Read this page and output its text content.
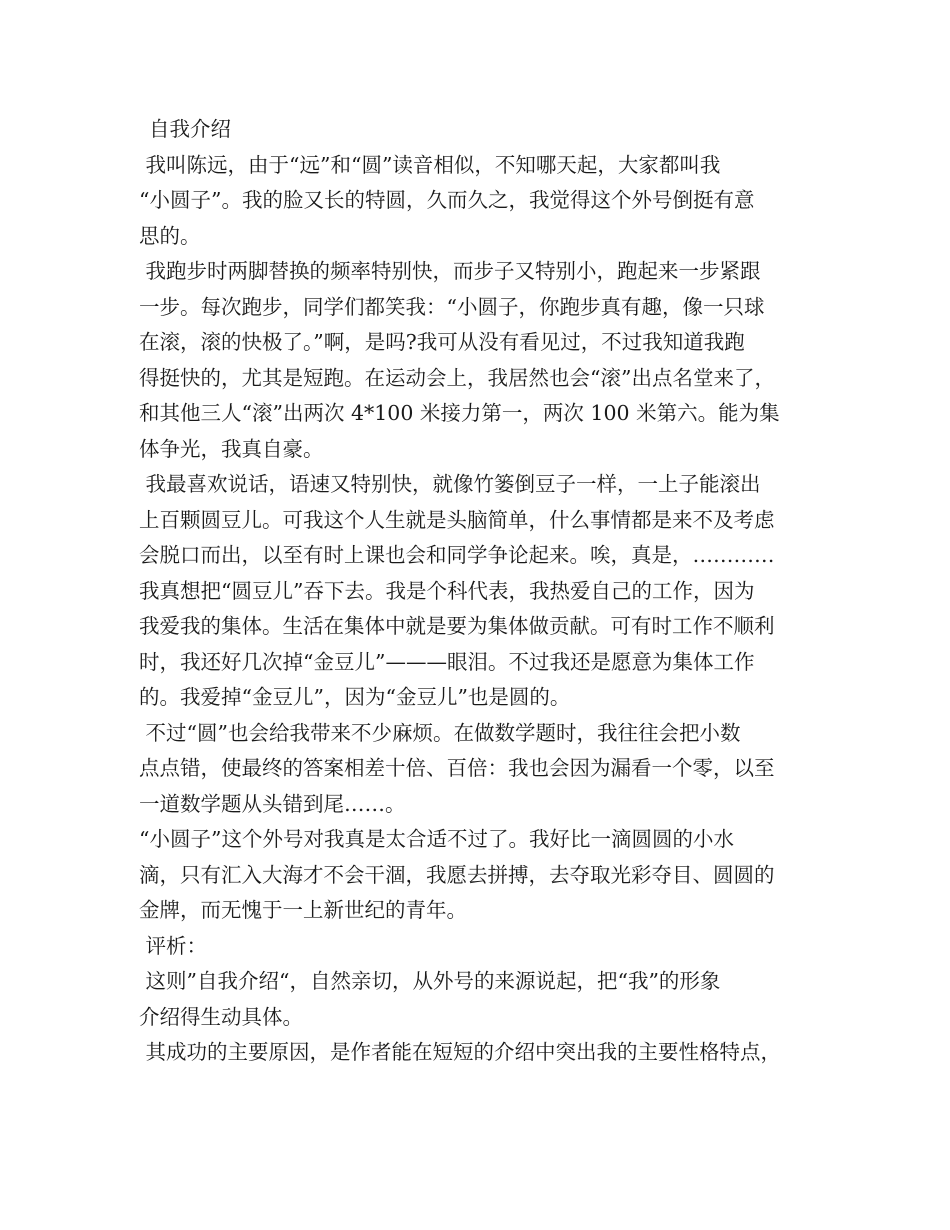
自我介绍
我叫陈远，由于“远”和“圆”读音相似，不知哪天起，大家都叫我
“小圆子”。我的脸又长的特圆，久而久之，我觉得这个外号倒挺有意
思的。
我跑步时两脚替换的频率特别快，而步子又特别小，跑起来一步紧跟
一步。每次跑步，同学们都笑我：“小圆子，你跑步真有趣，像一只球
在滚，滚的快极了。”啊，是吗?我可从没有看见过，不过我知道我跑
得挺快的，尤其是短跑。在运动会上，我居然也会“滚”出点名堂来了，
和其他三人“滚”出两次 4*100 米接力第一，两次 100 米第六。能为集
体争光，我真自豪。
我最喜欢说话，语速又特别快，就像竹篓倒豆子一样，一上子能滚出
上百颗圆豆儿。可我这个人生就是头脑简单，什么事情都是来不及考虑
会脱口而出，以至有时上课也会和同学争论起来。唉，真是，…………
我真想把“圆豆儿”吞下去。我是个科代表，我热爱自己的工作，因为
我爱我的集体。生活在集体中就是要为集体做贡献。可有时工作不顺利
时，我还好几次掉“金豆儿”———眼泪。不过我还是愿意为集体工作
的。我爱掉“金豆儿”，因为“金豆儿”也是圆的。
不过“圆”也会给我带来不少麻烦。在做数学题时，我往往会把小数
点点错，使最终的答案相差十倍、百倍：我也会因为漏看一个零，以至
一道数学题从头错到尾……。
“小圆子”这个外号对我真是太合适不过了。我好比一滴圆圆的小水
滴，只有汇入大海才不会干涸，我愿去拼搏，去夺取光彩夺目、圆圆的
金牌，而无愧于一上新世纪的青年。
评析：
这则”自我介绍“，自然亲切，从外号的来源说起，把“我”的形象
介绍得生动具体。
其成功的主要原因，是作者能在短短的介绍中突出我的主要性格特点，
